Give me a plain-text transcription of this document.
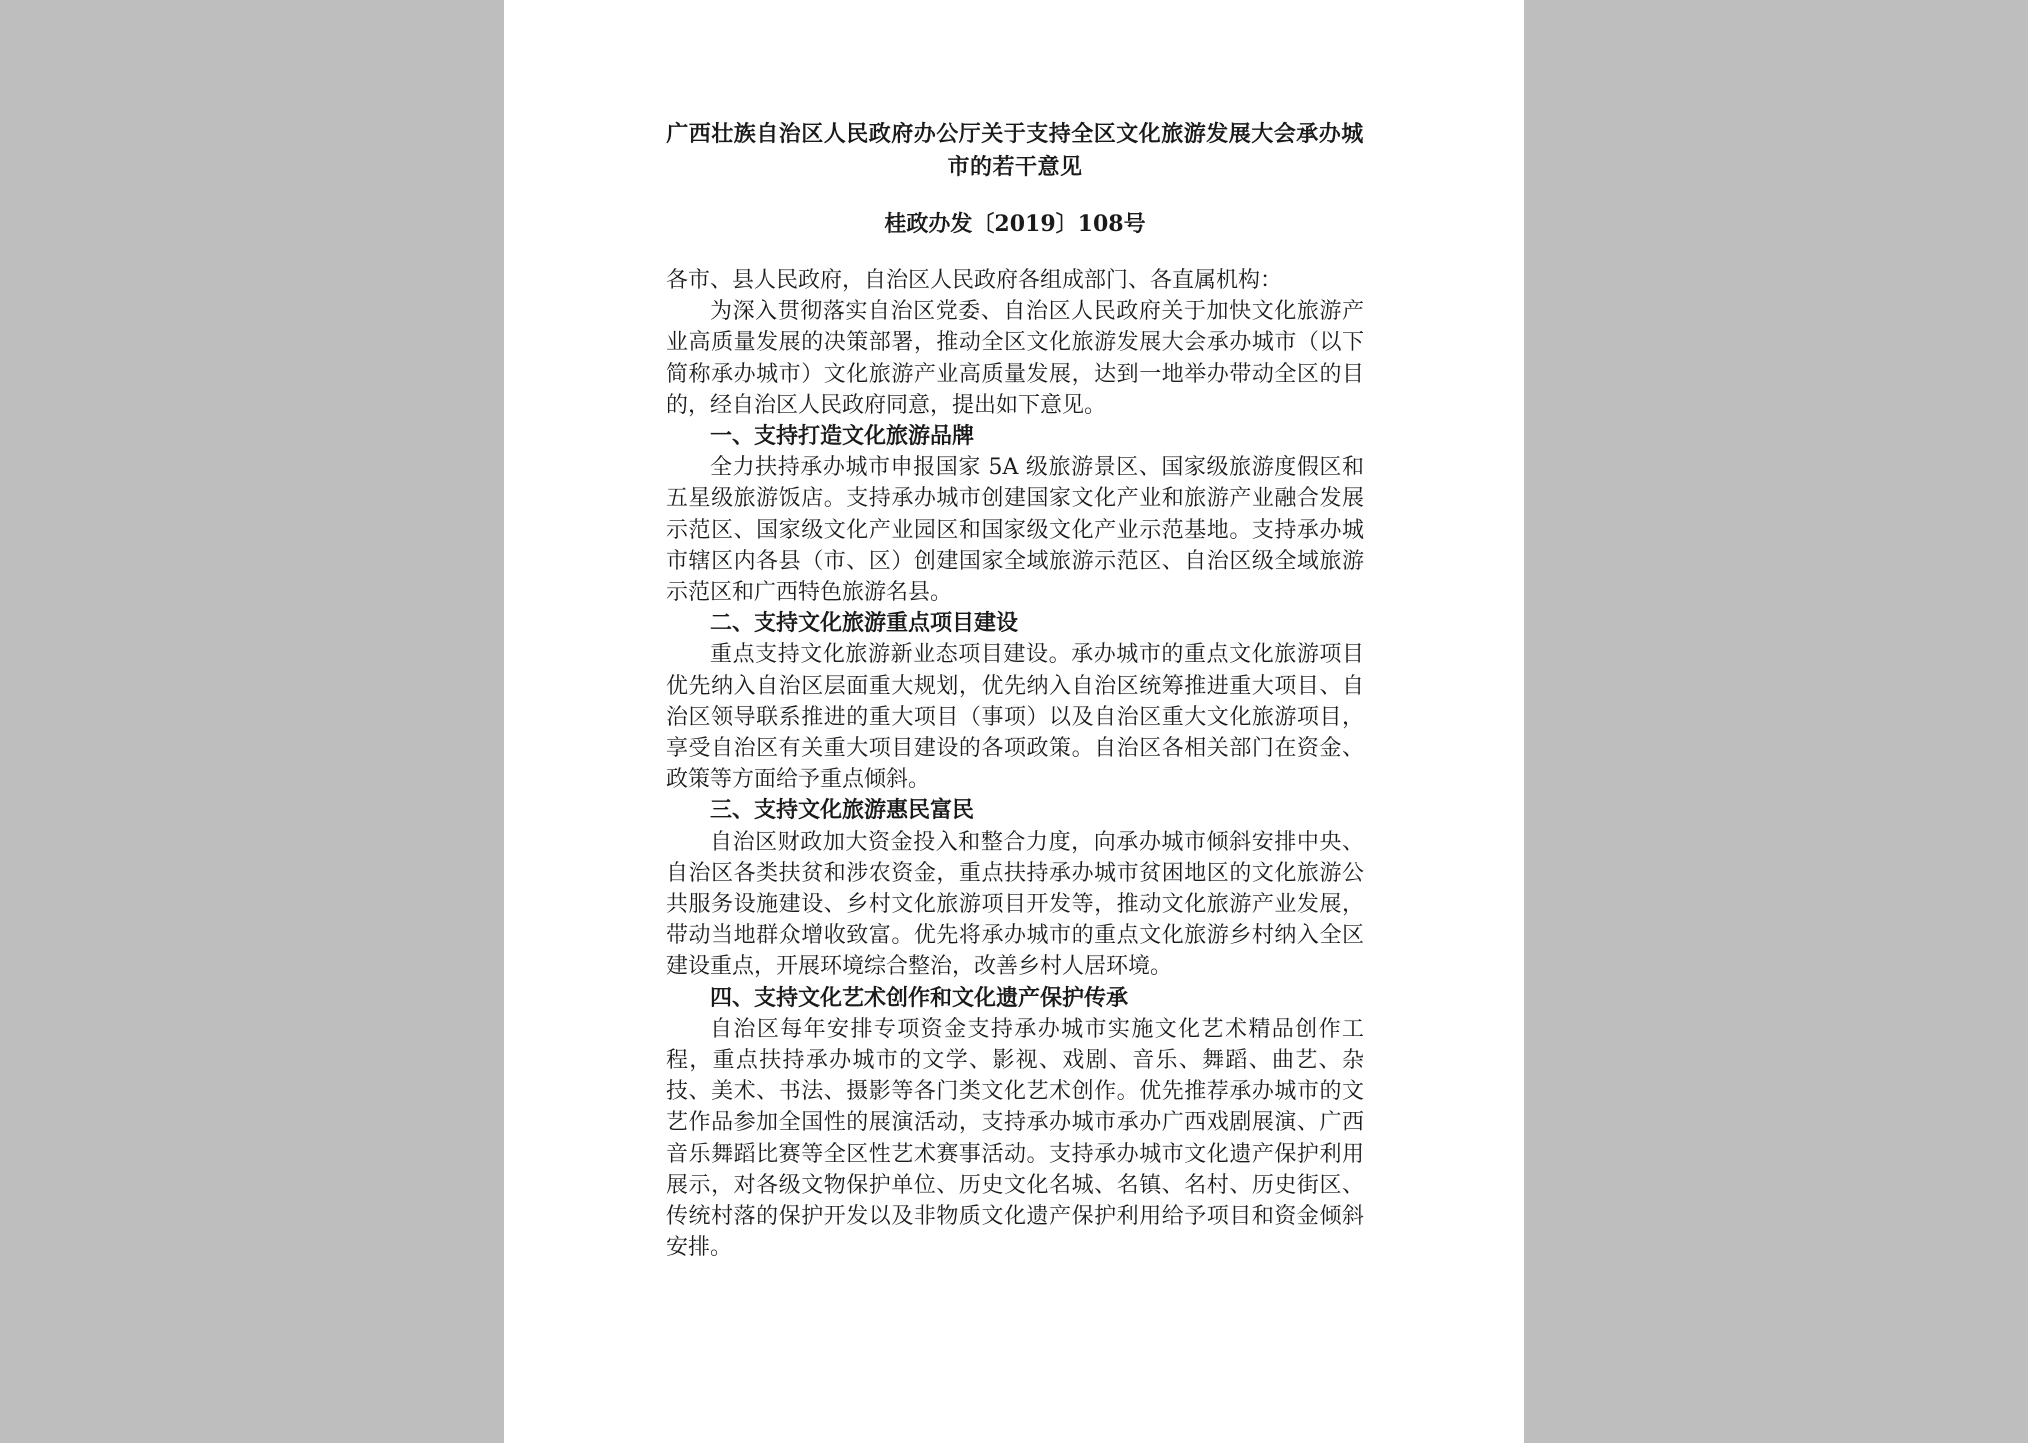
广西壮族自治区人民政府办公厅关于支持全区文化旅游发展大会承办城市的若干意见

桂政办发〔2019〕108号

各市、县人民政府，自治区人民政府各组成部门、各直属机构：

为深入贯彻落实自治区党委、自治区人民政府关于加快文化旅游产业高质量发展的决策部署，推动全区文化旅游发展大会承办城市（以下简称承办城市）文化旅游产业高质量发展，达到一地举办带动全区的目的，经自治区人民政府同意，提出如下意见。

一、支持打造文化旅游品牌

全力扶持承办城市申报国家 5A 级旅游景区、国家级旅游度假区和五星级旅游饭店。支持承办城市创建国家文化产业和旅游产业融合发展示范区、国家级文化产业园区和国家级文化产业示范基地。支持承办城市辖区内各县（市、区）创建国家全域旅游示范区、自治区级全域旅游示范区和广西特色旅游名县。

二、支持文化旅游重点项目建设

重点支持文化旅游新业态项目建设。承办城市的重点文化旅游项目优先纳入自治区层面重大规划，优先纳入自治区统筹推进重大项目、自治区领导联系推进的重大项目（事项）以及自治区重大文化旅游项目，享受自治区有关重大项目建设的各项政策。自治区各相关部门在资金、政策等方面给予重点倾斜。

三、支持文化旅游惠民富民

自治区财政加大资金投入和整合力度，向承办城市倾斜安排中央、自治区各类扶贫和涉农资金，重点扶持承办城市贫困地区的文化旅游公共服务设施建设、乡村文化旅游项目开发等，推动文化旅游产业发展，带动当地群众增收致富。优先将承办城市的重点文化旅游乡村纳入全区建设重点，开展环境综合整治，改善乡村人居环境。

四、支持文化艺术创作和文化遗产保护传承

自治区每年安排专项资金支持承办城市实施文化艺术精品创作工程，重点扶持承办城市的文学、影视、戏剧、音乐、舞蹈、曲艺、杂技、美术、书法、摄影等各门类文化艺术创作。优先推荐承办城市的文艺作品参加全国性的展演活动，支持承办城市承办广西戏剧展演、广西音乐舞蹈比赛等全区性艺术赛事活动。支持承办城市文化遗产保护利用展示，对各级文物保护单位、历史文化名城、名镇、名村、历史街区、传统村落的保护开发以及非物质文化遗产保护利用给予项目和资金倾斜安排。
